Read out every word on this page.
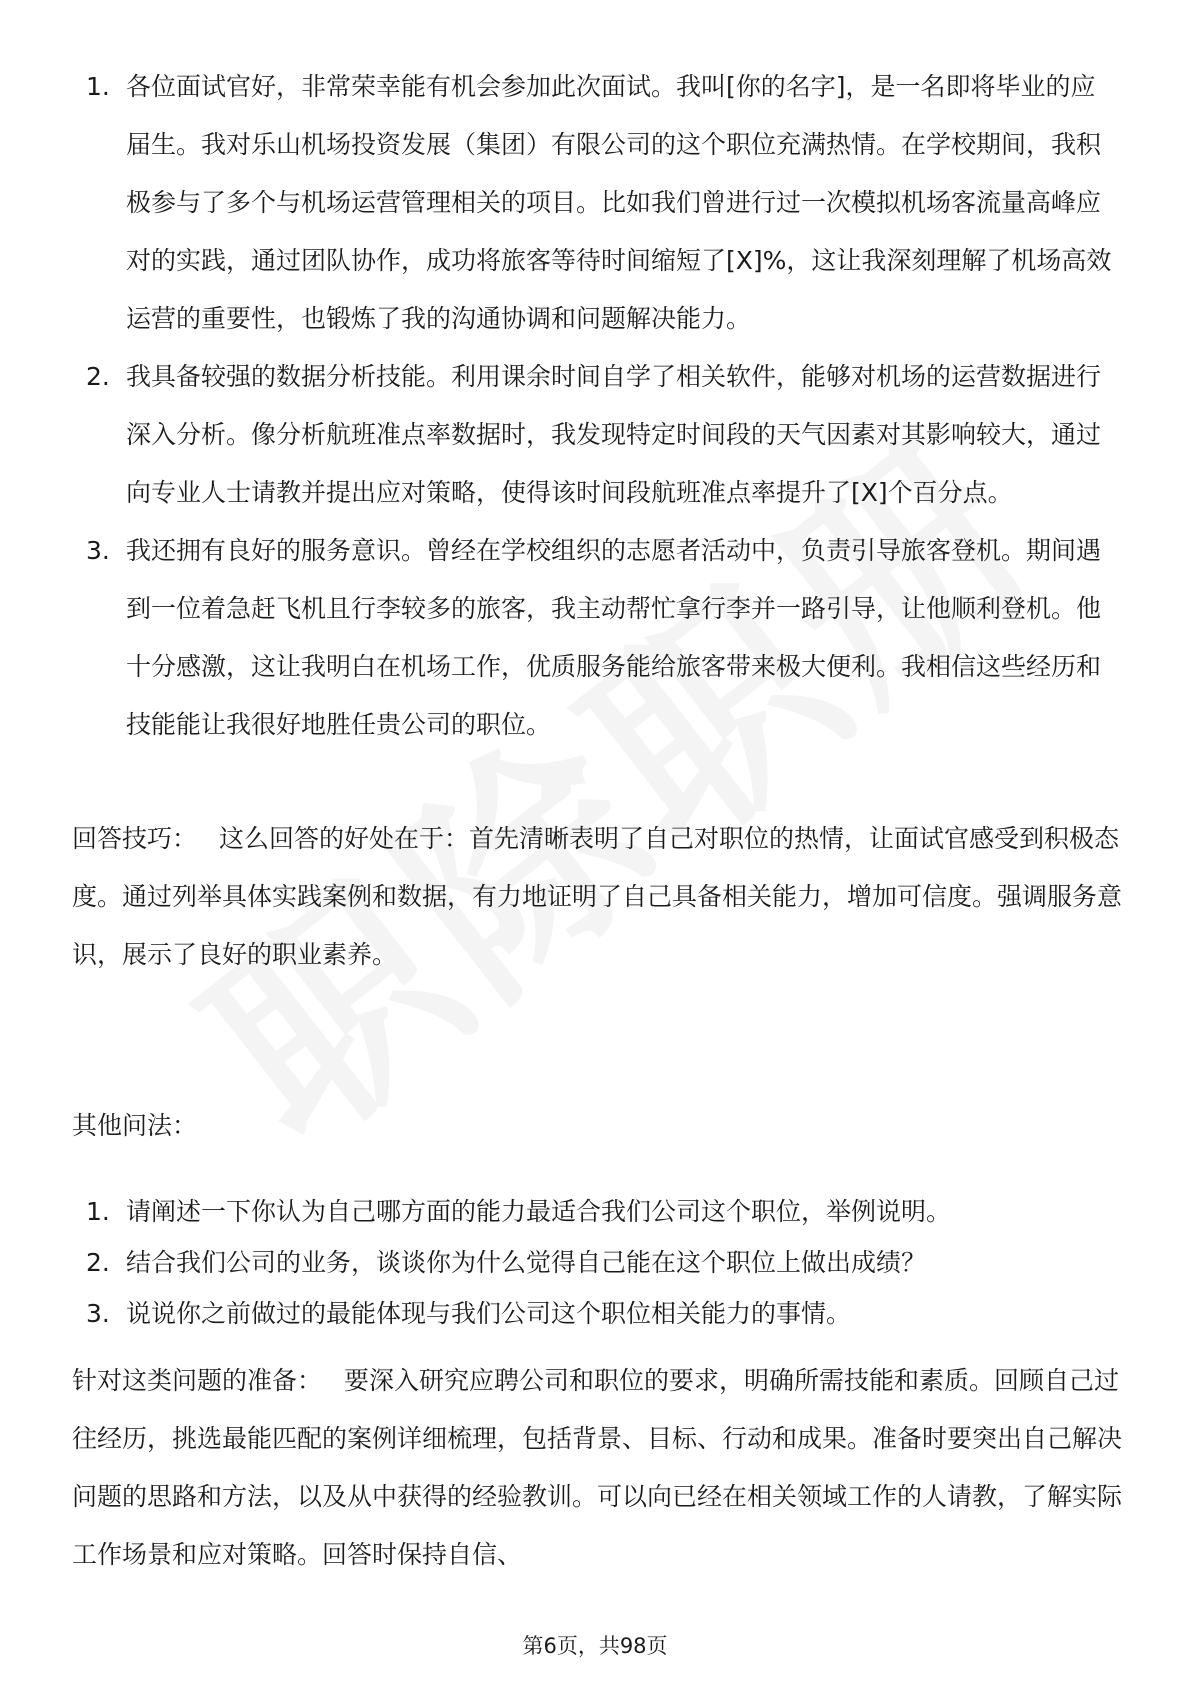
1. 各位面试官好，非常荣幸能有机会参加此次面试。我叫[你的名字]，是一名即将毕业的应届生。我对乐山机场投资发展（集团）有限公司的这个职位充满热情。在学校期间，我积极参与了多个与机场运营管理相关的项目。比如我们曾进行过一次模拟机场客流量高峰应对的实践，通过团队协作，成功将旅客等待时间缩短了[X]%，这让我深刻理解了机场高效运营的重要性，也锻炼了我的沟通协调和问题解决能力。
2. 我具备较强的数据分析技能。利用课余时间自学了相关软件，能够对机场的运营数据进行深入分析。像分析航班准点率数据时，我发现特定时间段的天气因素对其影响较大，通过向专业人士请教并提出应对策略，使得该时间段航班准点率提升了[X]个百分点。
3. 我还拥有良好的服务意识。曾经在学校组织的志愿者活动中，负责引导旅客登机。期间遇到一位着急赶飞机且行李较多的旅客，我主动帮忙拿行李并一路引导，让他顺利登机。他十分感激，这让我明白在机场工作，优质服务能给旅客带来极大便利。我相信这些经历和技能能让我很好地胜任贵公司的职位。

回答技巧： 这么回答的好处在于：首先清晰表明了自己对职位的热情，让面试官感受到积极态度。通过列举具体实践案例和数据，有力地证明了自己具备相关能力，增加可信度。强调服务意识，展示了良好的职业素养。

其他问法：

1. 请阐述一下你认为自己哪方面的能力最适合我们公司这个职位，举例说明。
2. 结合我们公司的业务，谈谈你为什么觉得自己能在这个职位上做出成绩？
3. 说说你之前做过的最能体现与我们公司这个职位相关能力的事情。

针对这类问题的准备： 要深入研究应聘公司和职位的要求，明确所需技能和素质。回顾自己过往经历，挑选最能匹配的案例详细梳理，包括背景、目标、行动和成果。准备时要突出自己解决问题的思路和方法，以及从中获得的经验教训。可以向已经在相关领域工作的人请教，了解实际工作场景和应对策略。回答时保持自信、

第6页，共98页
